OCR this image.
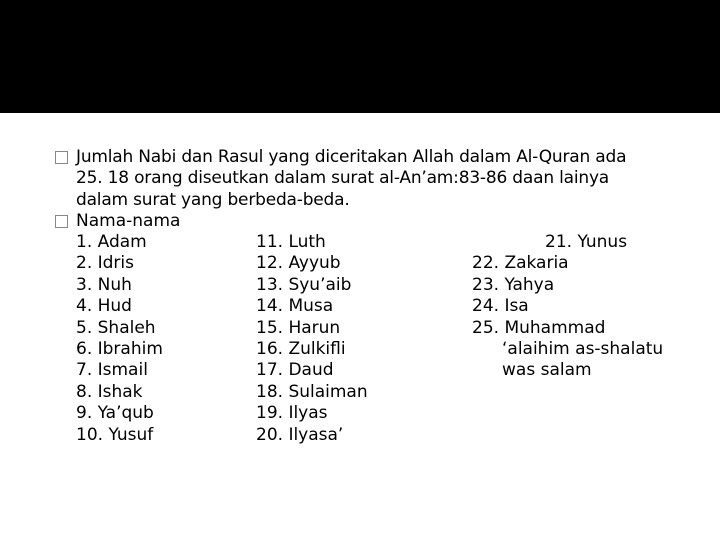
Jumlah Nabi dan Rasul yang diceritakan Allah dalam Al-Quran ada
25. 18 orang diseutkan dalam surat al-An’am:83-86 daan lainya
dalam surat yang berbeda-beda.

Nama-nama
1. Adam
2. Idris
3. Nuh
4. Hud
5. Shaleh
6. Ibrahim
7. Ismail
8. Ishak
9. Ya’qub
10. Yusuf
11. Luth
12. Ayyub
13. Syu’aib
14. Musa
15. Harun
16. Zulkifli
17. Daud
18. Sulaiman
19. Ilyas
20. Ilyasa’
21. Yunus
22. Zakaria
23. Yahya
24. Isa
25. Muhammad
‘alaihim as-shalatu
was salam
